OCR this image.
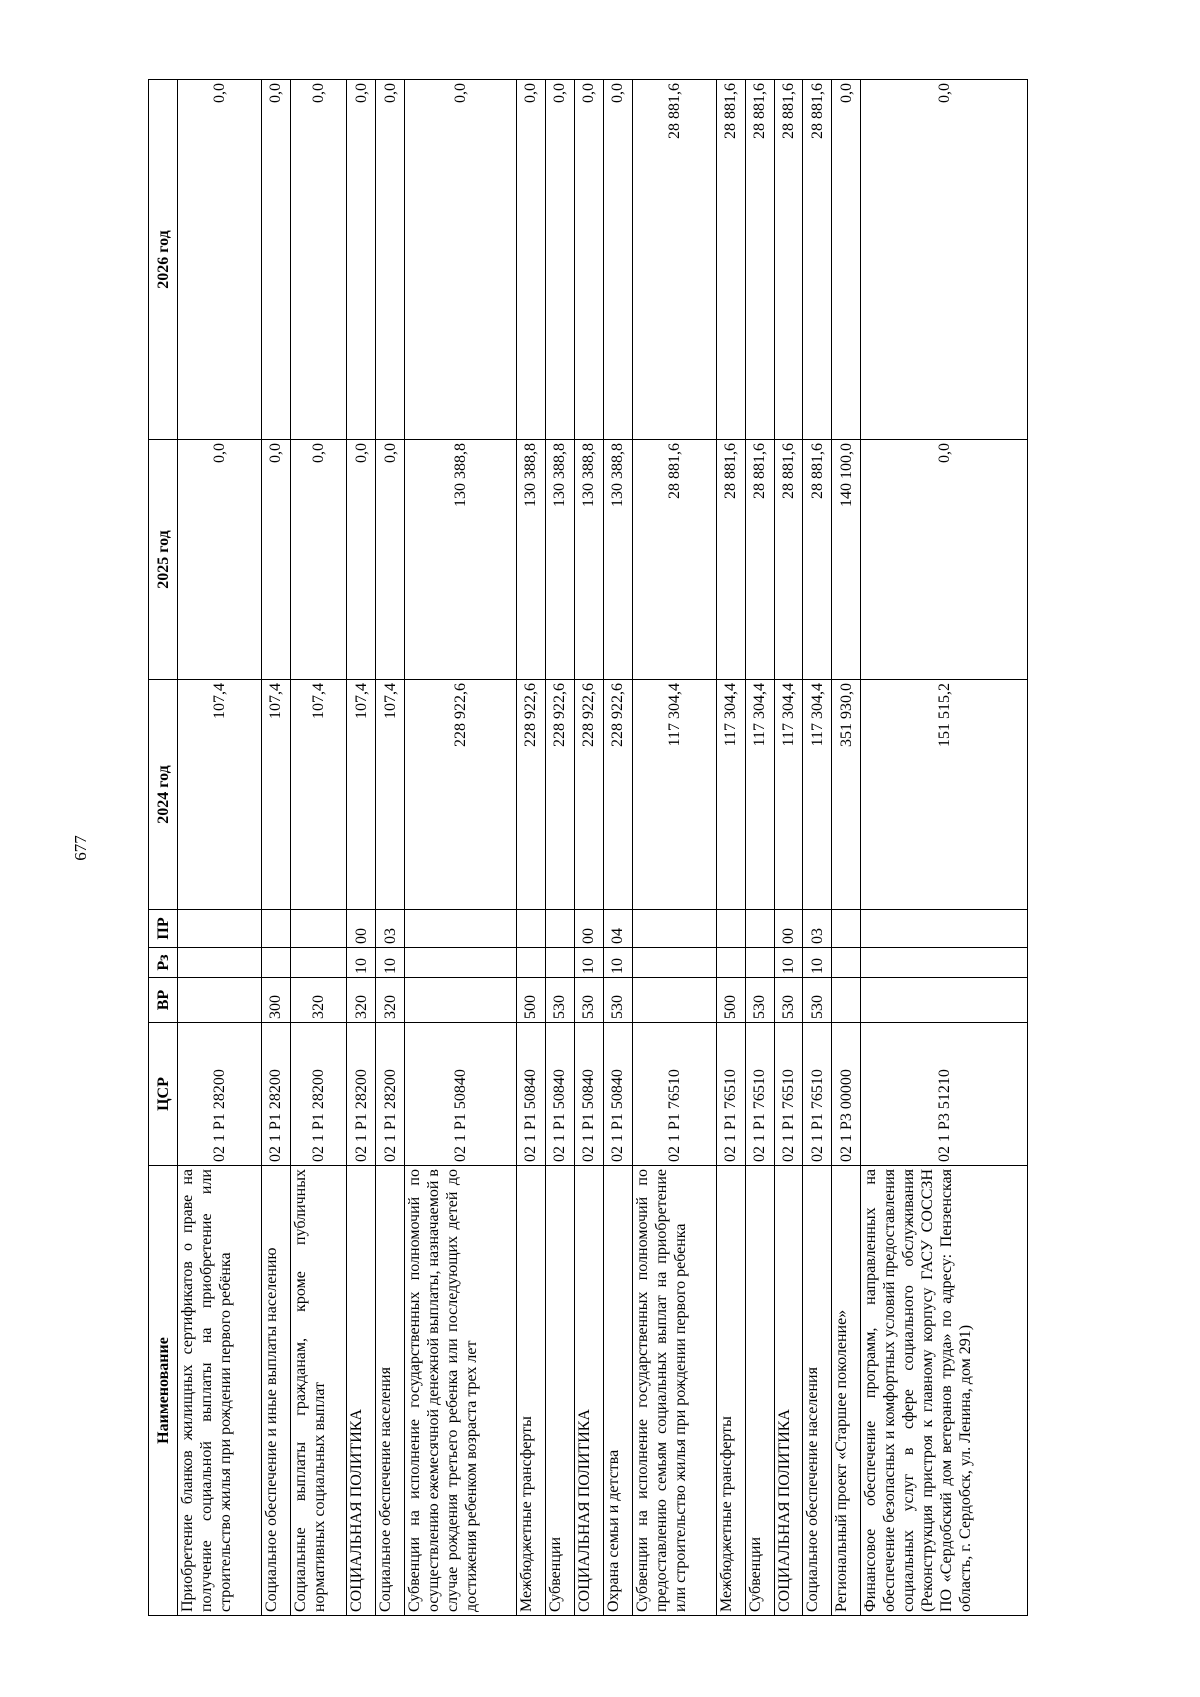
677
Наименование	ЦСР	ВР	Рз	ПР	2024 год	2025 год	2026 год
Приобретение бланков жилищных сертификатов о праве на получение социальной выплаты на приобретение или строительство жилья при рождении первого ребёнка	02 1 P1 28200				107,4	0,0	0,0
Социальное обеспечение и иные выплаты населению	02 1 P1 28200	300			107,4	0,0	0,0
Социальные выплаты гражданам, кроме публичных нормативных социальных выплат	02 1 P1 28200	320			107,4	0,0	0,0
СОЦИАЛЬНАЯ ПОЛИТИКА	02 1 P1 28200	320	10	00	107,4	0,0	0,0
Социальное обеспечение населения	02 1 P1 28200	320	10	03	107,4	0,0	0,0
Субвенции на исполнение государственных полномочий по осуществлению ежемесячной денежной выплаты, назначаемой в случае рождения третьего ребенка или последующих детей до достижения ребенком возраста трех лет	02 1 P1 50840				228 922,6	130 388,8	0,0
Межбюджетные трансферты	02 1 P1 50840	500			228 922,6	130 388,8	0,0
Субвенции	02 1 P1 50840	530			228 922,6	130 388,8	0,0
СОЦИАЛЬНАЯ ПОЛИТИКА	02 1 P1 50840	530	10	00	228 922,6	130 388,8	0,0
Охрана семьи и детства	02 1 P1 50840	530	10	04	228 922,6	130 388,8	0,0
Субвенции на исполнение государственных полномочий по предоставлению семьям социальных выплат на приобретение или строительство жилья при рождении первого ребенка	02 1 P1 76510				117 304,4	28 881,6	28 881,6
Межбюджетные трансферты	02 1 P1 76510	500			117 304,4	28 881,6	28 881,6
Субвенции	02 1 P1 76510	530			117 304,4	28 881,6	28 881,6
СОЦИАЛЬНАЯ ПОЛИТИКА	02 1 P1 76510	530	10	00	117 304,4	28 881,6	28 881,6
Социальное обеспечение населения	02 1 P1 76510	530	10	03	117 304,4	28 881,6	28 881,6
Региональный проект «Старшее поколение»	02 1 P3 00000				351 930,0	140 100,0	0,0
Финансовое обеспечение программ, направленных на обеспечение безопасных и комфортных условий предоставления социальных услуг в сфере социального обслуживания (Реконструкция пристроя к главному корпусу ГАСУ СОССЗН ПО «Сердобский дом ветеранов труда» по адресу: Пензенская область, г. Сердобск, ул. Ленина, дом 291)	02 1 P3 51210				151 515,2	0,0	0,0
